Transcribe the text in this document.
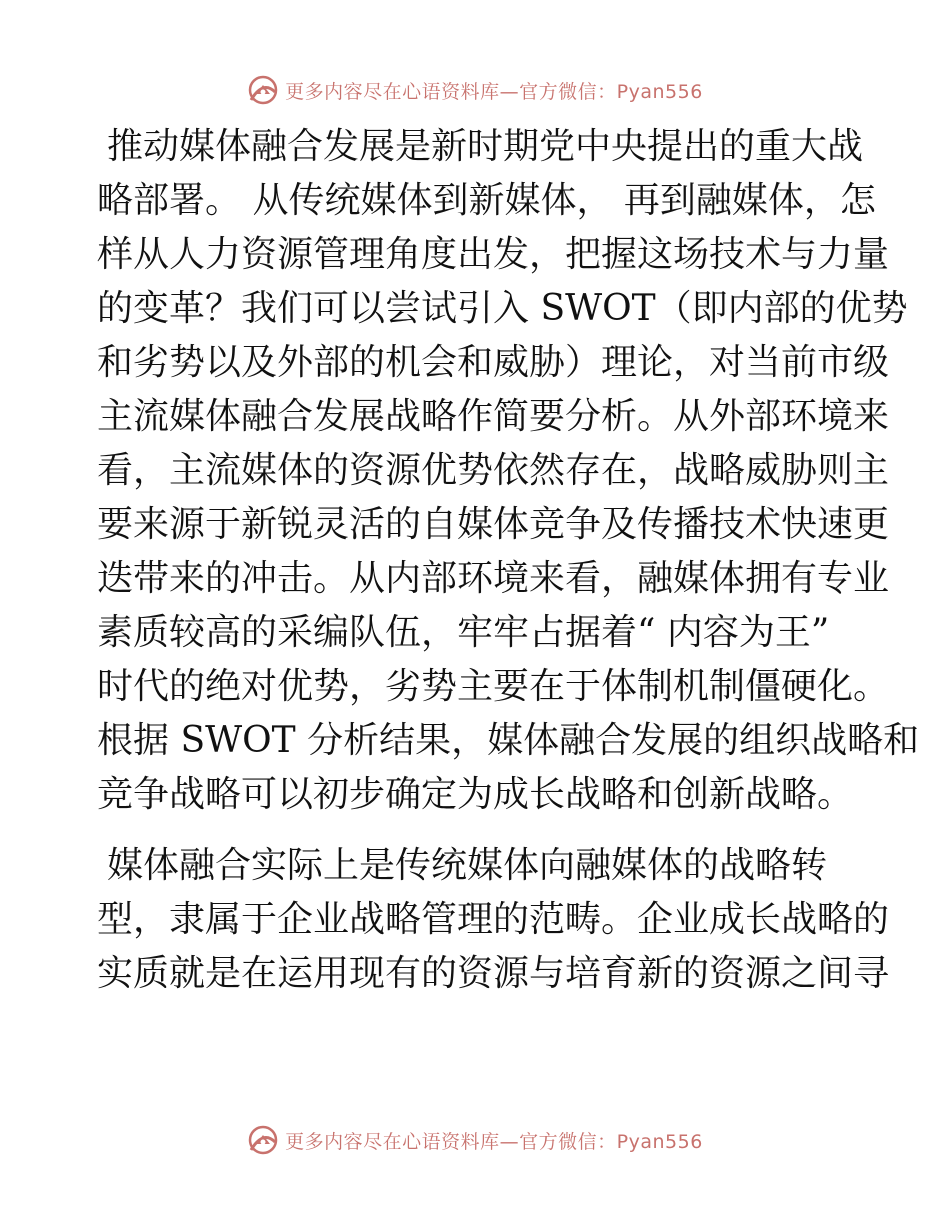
更多内容尽在心语资料库—官方微信：Pyan556
推动媒体融合发展是新时期党中央提出的重大战
略部署。 从传统媒体到新媒体， 再到融媒体，怎
样从人力资源管理角度出发，把握这场技术与力量
的变革？我们可以尝试引入 SWOT（即内部的优势
和劣势以及外部的机会和威胁）理论，对当前市级
主流媒体融合发展战略作简要分析。从外部环境来
看，主流媒体的资源优势依然存在，战略威胁则主
要来源于新锐灵活的自媒体竞争及传播技术快速更
迭带来的冲击。从内部环境来看，融媒体拥有专业
素质较高的采编队伍，牢牢占据着“ 内容为王”
时代的绝对优势，劣势主要在于体制机制僵硬化。
根据 SWOT 分析结果，媒体融合发展的组织战略和
竞争战略可以初步确定为成长战略和创新战略。
媒体融合实际上是传统媒体向融媒体的战略转
型，隶属于企业战略管理的范畴。企业成长战略的
实质就是在运用现有的资源与培育新的资源之间寻
更多内容尽在心语资料库—官方微信：Pyan556
